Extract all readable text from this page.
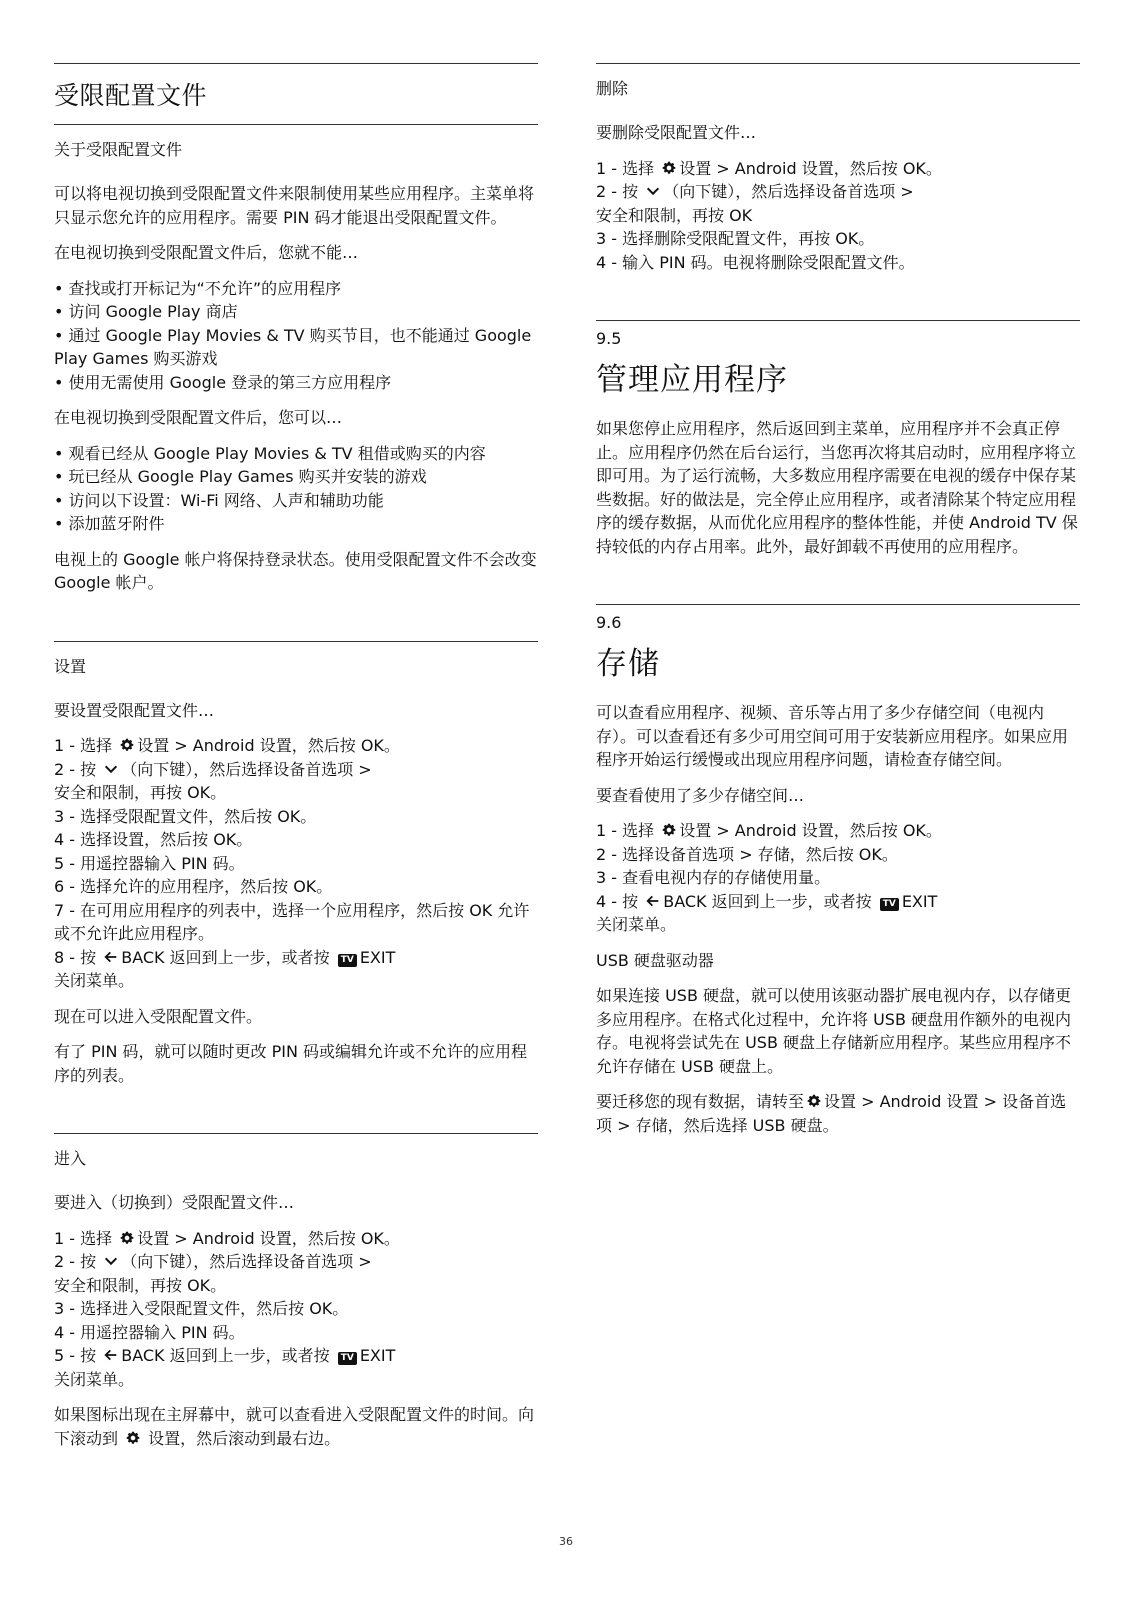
受限配置文件
关于受限配置文件

可以将电视切换到受限配置文件来限制使用某些应用程序。主菜单将只显示您允许的应用程序。需要 PIN 码才能退出受限配置文件。

在电视切换到受限配置文件后，您就不能…

• 查找或打开标记为“不允许”的应用程序
• 访问 Google Play 商店
• 通过 Google Play Movies & TV 购买节目，也不能通过 Google Play Games 购买游戏
• 使用无需使用 Google 登录的第三方应用程序

在电视切换到受限配置文件后，您可以…

• 观看已经从 Google Play Movies & TV 租借或购买的内容
• 玩已经从 Google Play Games 购买并安装的游戏
• 访问以下设置：Wi-Fi 网络、人声和辅助功能
• 添加蓝牙附件

电视上的 Google 帐户将保持登录状态。使用受限配置文件不会改变 Google 帐户。

设置

要设置受限配置文件…

1 - 选择 设置 > Android 设置，然后按 OK。
2 - 按 （向下键），然后选择设备首选项 >
安全和限制，再按 OK。
3 - 选择受限配置文件，然后按 OK。
4 - 选择设置，然后按 OK。
5 - 用遥控器输入 PIN 码。
6 - 选择允许的应用程序，然后按 OK。
7 - 在可用应用程序的列表中，选择一个应用程序，然后按 OK 允许或不允许此应用程序。
8 - 按 BACK 返回到上一步，或者按 TV EXIT
关闭菜单。

现在可以进入受限配置文件。

有了 PIN 码，就可以随时更改 PIN 码或编辑允许或不允许的应用程序的列表。

进入

要进入（切换到）受限配置文件…

1 - 选择 设置 > Android 设置，然后按 OK。
2 - 按 （向下键），然后选择设备首选项 >
安全和限制，再按 OK。
3 - 选择进入受限配置文件，然后按 OK。
4 - 用遥控器输入 PIN 码。
5 - 按 BACK 返回到上一步，或者按 TV EXIT
关闭菜单。

如果图标出现在主屏幕中，就可以查看进入受限配置文件的时间。向下滚动到  设置，然后滚动到最右边。

删除

要删除受限配置文件…

1 - 选择 设置 > Android 设置，然后按 OK。
2 - 按 （向下键），然后选择设备首选项 >
安全和限制，再按 OK
3 - 选择删除受限配置文件，再按 OK。
4 - 输入 PIN 码。电视将删除受限配置文件。
9.5
管理应用程序

如果您停止应用程序，然后返回到主菜单，应用程序并不会真正停止。应用程序仍然在后台运行，当您再次将其启动时，应用程序将立即可用。为了运行流畅，大多数应用程序需要在电视的缓存中保存某些数据。好的做法是，完全停止应用程序，或者清除某个特定应用程序的缓存数据，从而优化应用程序的整体性能，并使 Android TV 保持较低的内存占用率。此外，最好卸载不再使用的应用程序。

9.6
存储

可以查看应用程序、视频、音乐等占用了多少存储空间（电视内存）。可以查看还有多少可用空间可用于安装新应用程序。如果应用程序开始运行缓慢或出现应用程序问题，请检查存储空间。

要查看使用了多少存储空间…

1 - 选择 设置 > Android 设置，然后按 OK。
2 - 选择设备首选项 > 存储，然后按 OK。
3 - 查看电视内存的存储使用量。
4 - 按 BACK 返回到上一步，或者按 TV EXIT
关闭菜单。

USB 硬盘驱动器

如果连接 USB 硬盘，就可以使用该驱动器扩展电视内存，以存储更多应用程序。在格式化过程中，允许将 USB 硬盘用作额外的电视内存。电视将尝试先在 USB 硬盘上存储新应用程序。某些应用程序不允许存储在 USB 硬盘上。

要迁移您的现有数据，请转至 设置 > Android 设置 > 设备首选项 > 存储，然后选择 USB 硬盘。

36
